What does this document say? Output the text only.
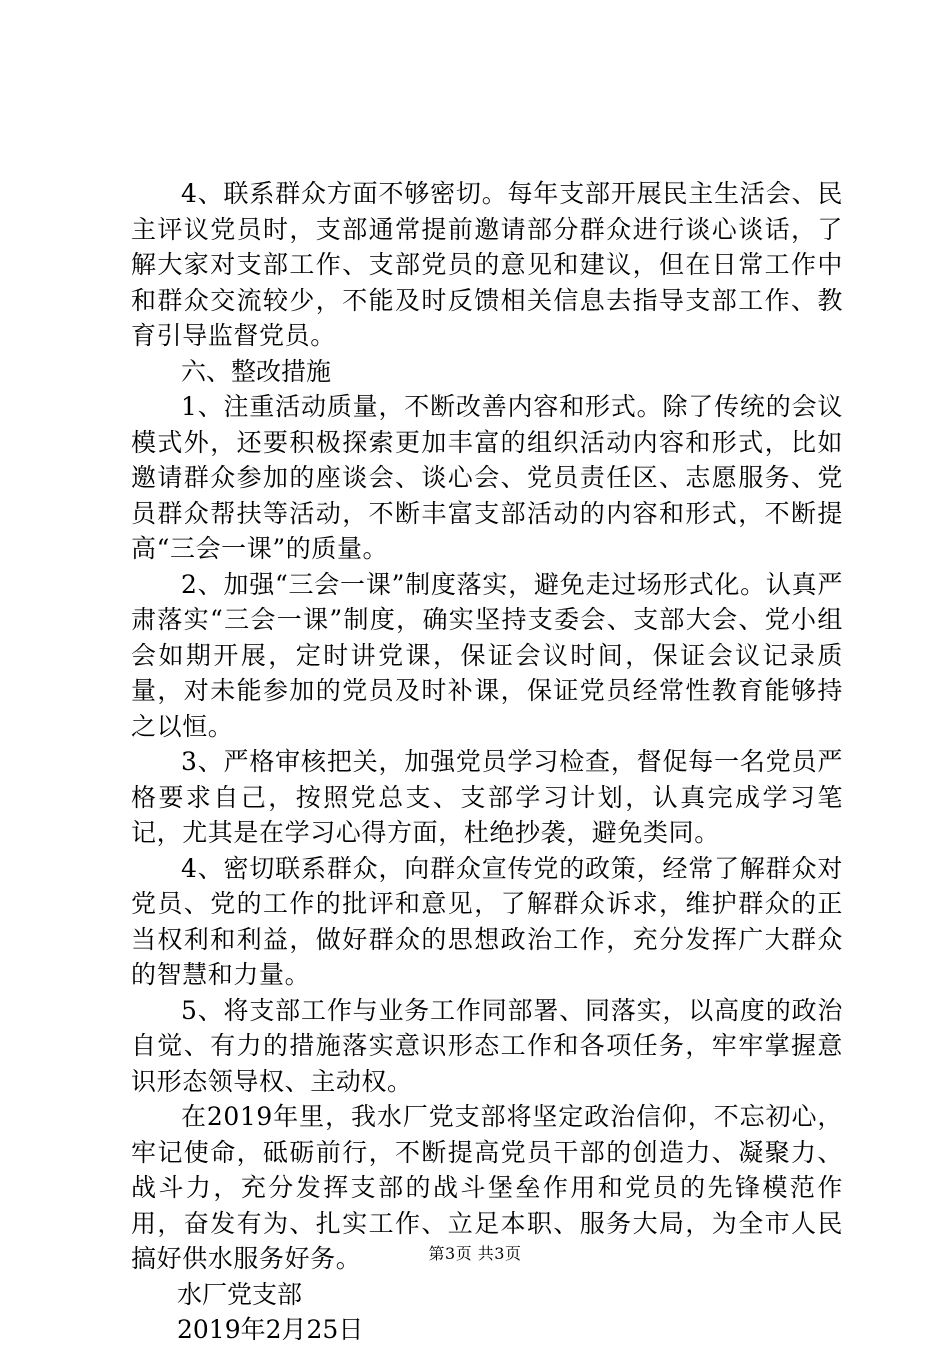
4、联系群众方面不够密切。每年支部开展民主生活会、民主评议党员时，支部通常提前邀请部分群众进行谈心谈话，了解大家对支部工作、支部党员的意见和建议，但在日常工作中和群众交流较少，不能及时反馈相关信息去指导支部工作、教育引导监督党员。

六、整改措施

1、注重活动质量，不断改善内容和形式。除了传统的会议模式外，还要积极探索更加丰富的组织活动内容和形式，比如邀请群众参加的座谈会、谈心会、党员责任区、志愿服务、党员群众帮扶等活动，不断丰富支部活动的内容和形式，不断提高“三会一课”的质量。

2、加强“三会一课”制度落实，避免走过场形式化。认真严肃落实“三会一课”制度，确实坚持支委会、支部大会、党小组会如期开展，定时讲党课，保证会议时间，保证会议记录质量，对未能参加的党员及时补课，保证党员经常性教育能够持之以恒。

3、严格审核把关，加强党员学习检查，督促每一名党员严格要求自己，按照党总支、支部学习计划，认真完成学习笔记，尤其是在学习心得方面，杜绝抄袭，避免类同。

4、密切联系群众，向群众宣传党的政策，经常了解群众对党员、党的工作的批评和意见，了解群众诉求，维护群众的正当权利和利益，做好群众的思想政治工作，充分发挥广大群众的智慧和力量。

5、将支部工作与业务工作同部署、同落实，以高度的政治自觉、有力的措施落实意识形态工作和各项任务，牢牢掌握意识形态领导权、主动权。

在2019年里，我水厂党支部将坚定政治信仰，不忘初心，牢记使命，砥砺前行，不断提高党员干部的创造力、凝聚力、战斗力，充分发挥支部的战斗堡垒作用和党员的先锋模范作用，奋发有为、扎实工作、立足本职、服务大局，为全市人民搞好供水服务好务。

水厂党支部

2019年2月25日

第3页 共3页
